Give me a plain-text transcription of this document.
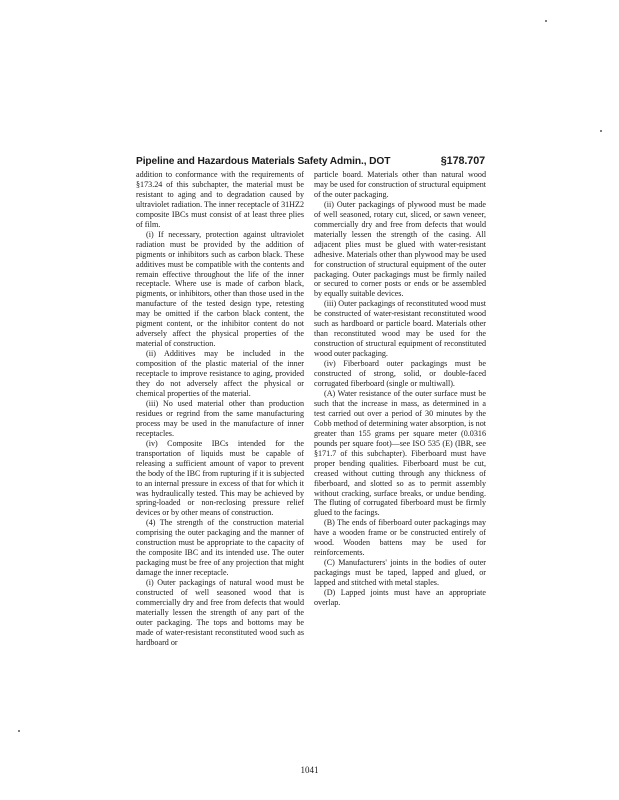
Pipeline and Hazardous Materials Safety Admin., DOT	§178.707

addition to conformance with the requirements of §173.24 of this subchapter, the material must be resistant to aging and to degradation caused by ultraviolet radiation. The inner receptacle of 31HZ2 composite IBCs must consist of at least three plies of film.

(i) If necessary, protection against ultraviolet radiation must be provided by the addition of pigments or inhibitors such as carbon black. These additives must be compatible with the contents and remain effective throughout the life of the inner receptacle. Where use is made of carbon black, pigments, or inhibitors, other than those used in the manufacture of the tested design type, retesting may be omitted if the carbon black content, the pigment content, or the inhibitor content do not adversely affect the physical properties of the material of construction.

(ii) Additives may be included in the composition of the plastic material of the inner receptacle to improve resistance to aging, provided they do not adversely affect the physical or chemical properties of the material.

(iii) No used material other than production residues or regrind from the same manufacturing process may be used in the manufacture of inner receptacles.

(iv) Composite IBCs intended for the transportation of liquids must be capable of releasing a sufficient amount of vapor to prevent the body of the IBC from rupturing if it is subjected to an internal pressure in excess of that for which it was hydraulically tested. This may be achieved by spring-loaded or non-reclosing pressure relief devices or by other means of construction.

(4) The strength of the construction material comprising the outer packaging and the manner of construction must be appropriate to the capacity of the composite IBC and its intended use. The outer packaging must be free of any projection that might damage the inner receptacle.

(i) Outer packagings of natural wood must be constructed of well seasoned wood that is commercially dry and free from defects that would materially lessen the strength of any part of the outer packaging. The tops and bottoms may be made of water-resistant reconstituted wood such as hardboard or

particle board. Materials other than natural wood may be used for construction of structural equipment of the outer packaging.

(ii) Outer packagings of plywood must be made of well seasoned, rotary cut, sliced, or sawn veneer, commercially dry and free from defects that would materially lessen the strength of the casing. All adjacent plies must be glued with water-resistant adhesive. Materials other than plywood may be used for construction of structural equipment of the outer packaging. Outer packagings must be firmly nailed or secured to corner posts or ends or be assembled by equally suitable devices.

(iii) Outer packagings of reconstituted wood must be constructed of water-resistant reconstituted wood such as hardboard or particle board. Materials other than reconstituted wood may be used for the construction of structural equipment of reconstituted wood outer packaging.

(iv) Fiberboard outer packagings must be constructed of strong, solid, or double-faced corrugated fiberboard (single or multiwall).

(A) Water resistance of the outer surface must be such that the increase in mass, as determined in a test carried out over a period of 30 minutes by the Cobb method of determining water absorption, is not greater than 155 grams per square meter (0.0316 pounds per square foot)—see ISO 535 (E) (IBR, see §171.7 of this subchapter). Fiberboard must have proper bending qualities. Fiberboard must be cut, creased without cutting through any thickness of fiberboard, and slotted so as to permit assembly without cracking, surface breaks, or undue bending. The fluting of corrugated fiberboard must be firmly glued to the facings.

(B) The ends of fiberboard outer packagings may have a wooden frame or be constructed entirely of wood. Wooden battens may be used for reinforcements.

(C) Manufacturers' joints in the bodies of outer packagings must be taped, lapped and glued, or lapped and stitched with metal staples.

(D) Lapped joints must have an appropriate overlap.

1041
